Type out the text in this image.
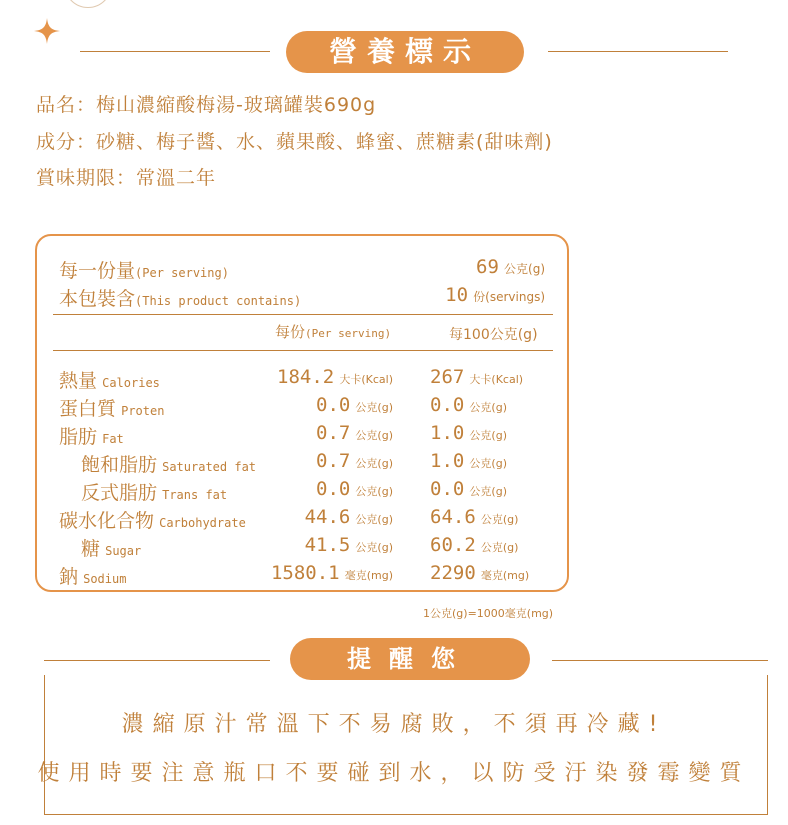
營養標示
品名：梅山濃縮酸梅湯-玻璃罐裝690g
成分：砂糖、梅子醬、水、蘋果酸、蜂蜜、蔗糖素(甜味劑)
賞味期限：常溫二年
每一份量(Per serving)	69 公克(g)
本包裝含(This product contains)	10 份(servings)
每份(Per serving)	每100公克(g)
熱量 Calories	184.2 大卡(Kcal) 267 大卡(Kcal)
蛋白質 Proten	0.0 公克(g) 0.0 公克(g)
脂肪 Fat	0.7 公克(g) 1.0 公克(g)
飽和脂肪 Saturated fat	0.7 公克(g) 1.0 公克(g)
反式脂肪 Trans fat	0.0 公克(g) 0.0 公克(g)
碳水化合物 Carbohydrate	44.6 公克(g) 64.6 公克(g)
糖 Sugar	41.5 公克(g) 60.2 公克(g)
鈉 Sodium	1580.1 毫克(mg) 2290 毫克(mg)
1公克(g)=1000毫克(mg)
提醒您
濃縮原汁常溫下不易腐敗，不須再冷藏!
使用時要注意瓶口不要碰到水，以防受汙染發霉變質
